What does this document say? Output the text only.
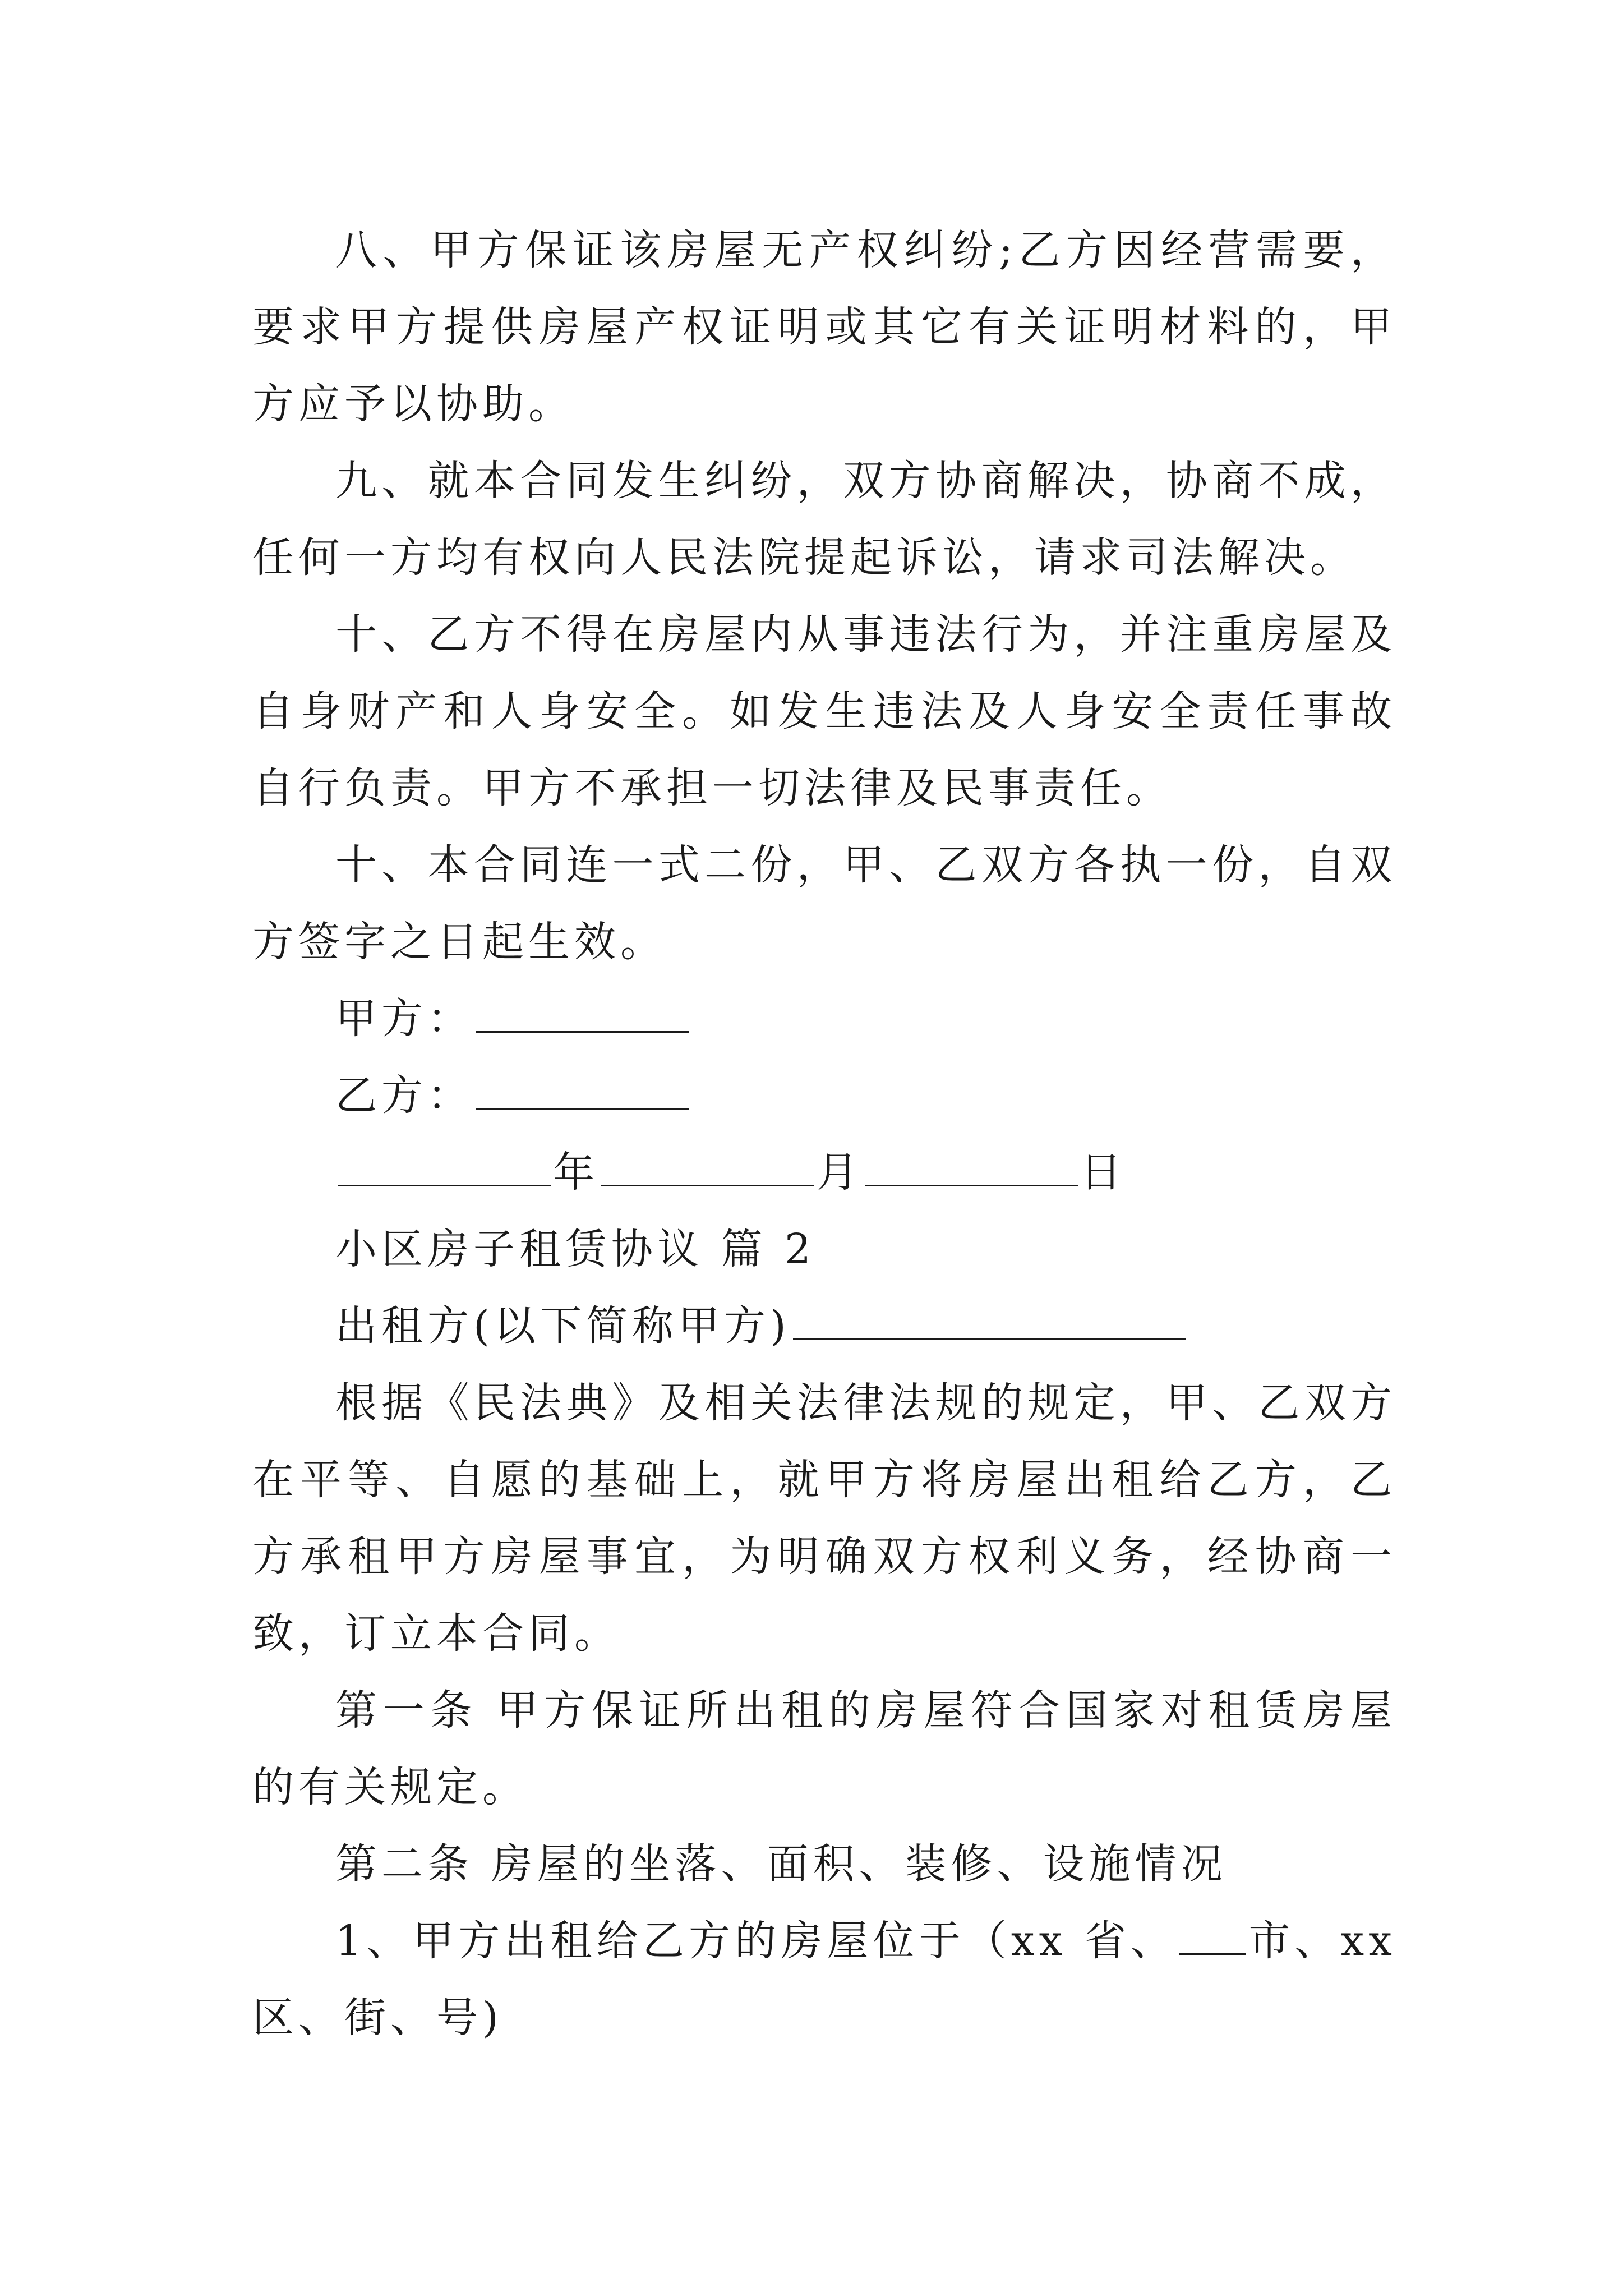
八、甲方保证该房屋无产权纠纷;乙方因经营需要，要求甲方提供房屋产权证明或其它有关证明材料的，甲方应予以协助。

九、就本合同发生纠纷，双方协商解决，协商不成，任何一方均有权向人民法院提起诉讼，请求司法解决。

十、乙方不得在房屋内从事违法行为，并注重房屋及自身财产和人身安全。如发生违法及人身安全责任事故自行负责。甲方不承担一切法律及民事责任。

十、本合同连一式二份，甲、乙双方各执一份，自双方签字之日起生效。

甲方：

乙方：

年	月	日

小区房子租赁协议 篇 2

出租方(以下简称甲方)

根据《民法典》及相关法律法规的规定，甲、乙双方在平等、自愿的基础上，就甲方将房屋出租给乙方，乙方承租甲方房屋事宜，为明确双方权利义务，经协商一致，订立本合同。

第一条 甲方保证所出租的房屋符合国家对租赁房屋的有关规定。

第二条 房屋的坐落、面积、装修、设施情况

1、甲方出租给乙方的房屋位于（xx 省、 市、xx 区、街、号)
